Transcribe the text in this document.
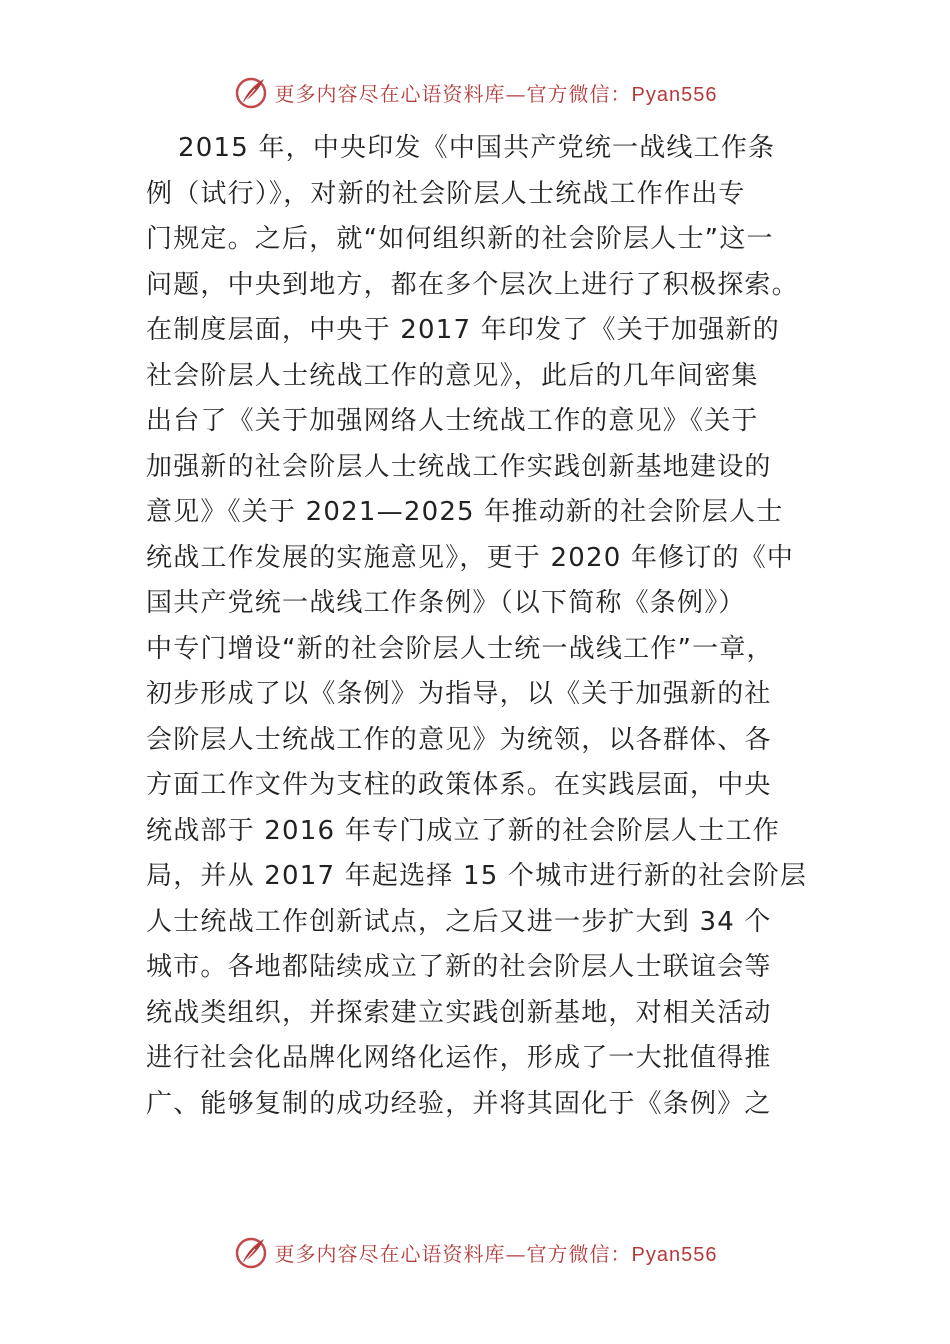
更多内容尽在心语资料库—官方微信：Pyan556
2015 年，中央印发《中国共产党统一战线工作条
例（试行）》，对新的社会阶层人士统战工作作出专
门规定。之后，就“如何组织新的社会阶层人士”这一
问题，中央到地方，都在多个层次上进行了积极探索。
在制度层面，中央于 2017 年印发了《关于加强新的
社会阶层人士统战工作的意见》，此后的几年间密集
出台了《关于加强网络人士统战工作的意见》《关于
加强新的社会阶层人士统战工作实践创新基地建设的
意见》《关于 2021—2025 年推动新的社会阶层人士
统战工作发展的实施意见》，更于 2020 年修订的《中
国共产党统一战线工作条例》（以下简称《条例》）
中专门增设“新的社会阶层人士统一战线工作”一章，
初步形成了以《条例》为指导，以《关于加强新的社
会阶层人士统战工作的意见》为统领，以各群体、各
方面工作文件为支柱的政策体系。在实践层面，中央
统战部于 2016 年专门成立了新的社会阶层人士工作
局，并从 2017 年起选择 15 个城市进行新的社会阶层
人士统战工作创新试点，之后又进一步扩大到 34 个
城市。各地都陆续成立了新的社会阶层人士联谊会等
统战类组织，并探索建立实践创新基地，对相关活动
进行社会化品牌化网络化运作，形成了一大批值得推
广、能够复制的成功经验，并将其固化于《条例》之
更多内容尽在心语资料库—官方微信：Pyan556
